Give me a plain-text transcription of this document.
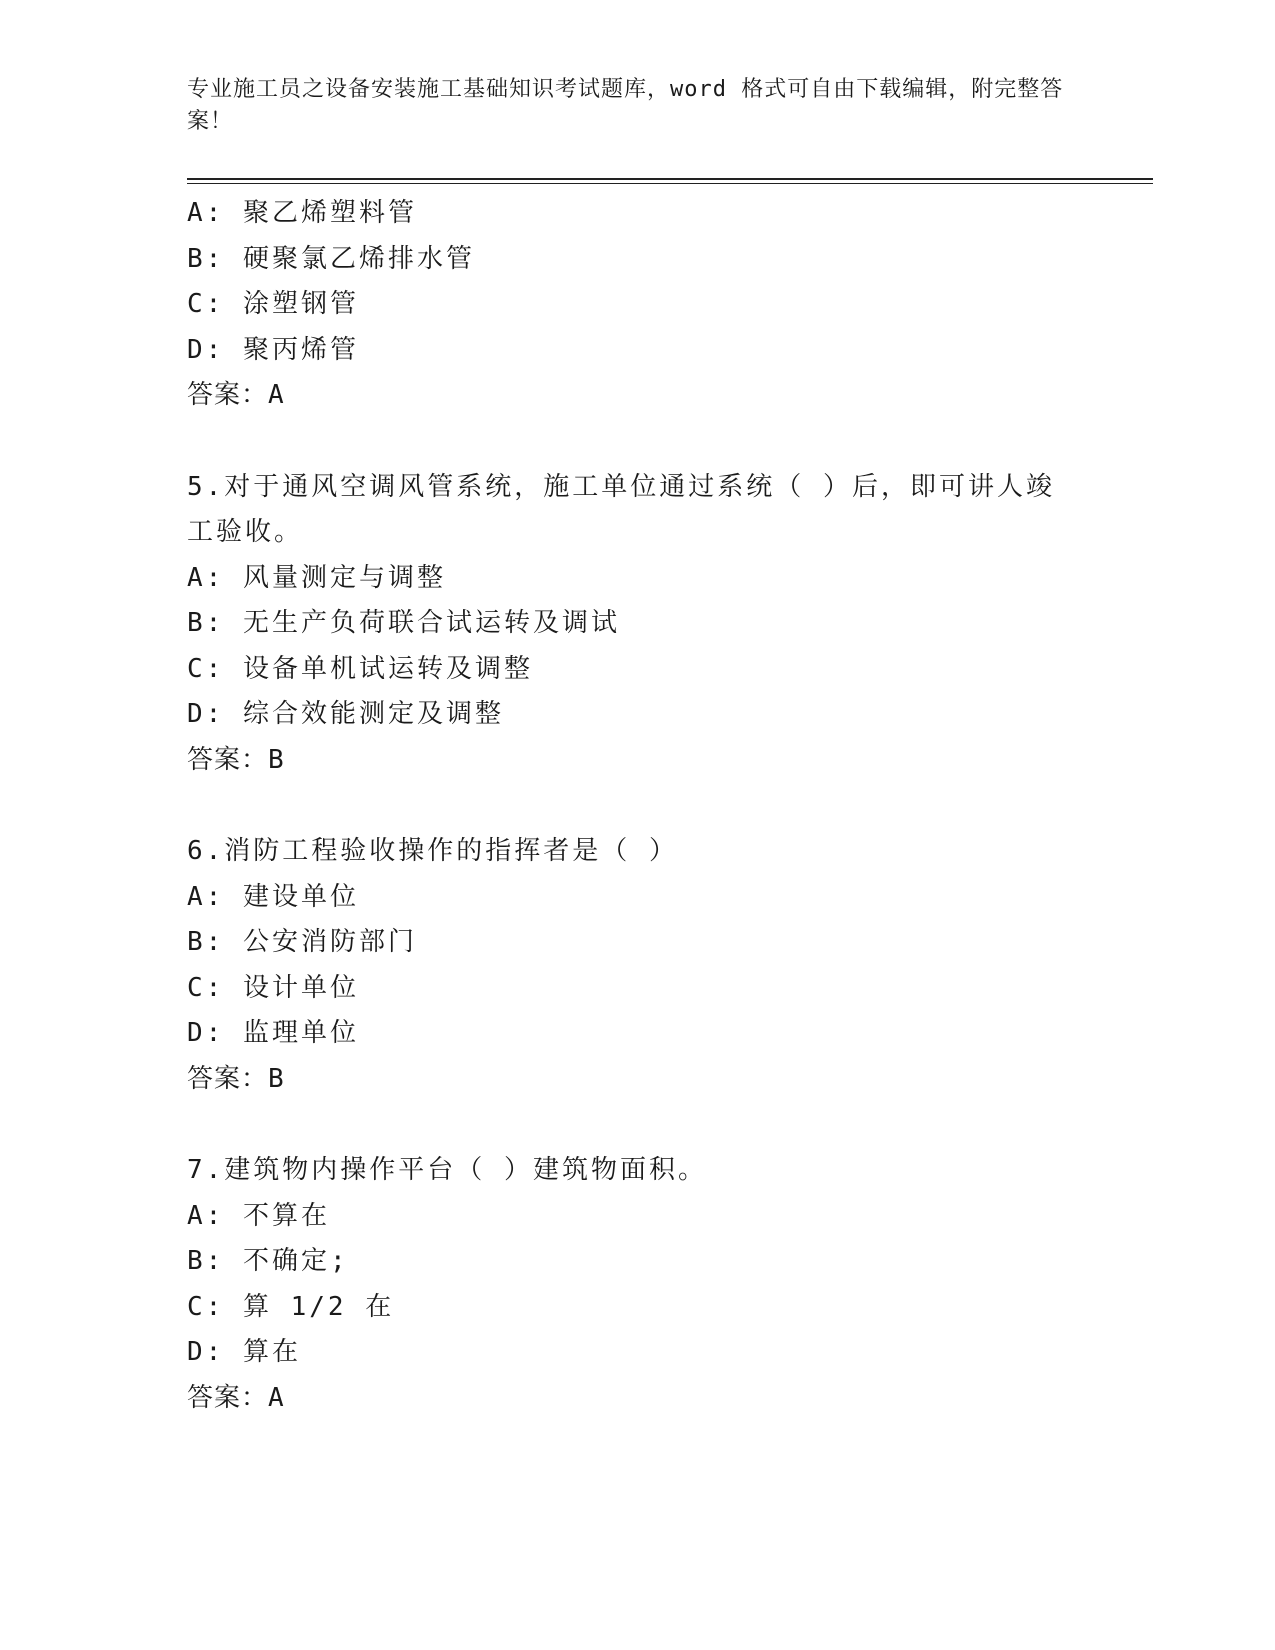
专业施工员之设备安装施工基础知识考试题库，word 格式可自由下载编辑，附完整答案！
A: 聚乙烯塑料管
B: 硬聚氯乙烯排水管
C: 涂塑钢管
D: 聚丙烯管
答案：A
5.对于通风空调风管系统，施工单位通过系统（ ）后，即可讲人竣工验收。
A: 风量测定与调整
B: 无生产负荷联合试运转及调试
C: 设备单机试运转及调整
D: 综合效能测定及调整
答案：B
6.消防工程验收操作的指挥者是（ ）
A: 建设单位
B: 公安消防部门
C: 设计单位
D: 监理单位
答案：B
7.建筑物内操作平台（ ）建筑物面积。
A: 不算在
B: 不确定;
C: 算 1/2 在
D: 算在
答案：A
